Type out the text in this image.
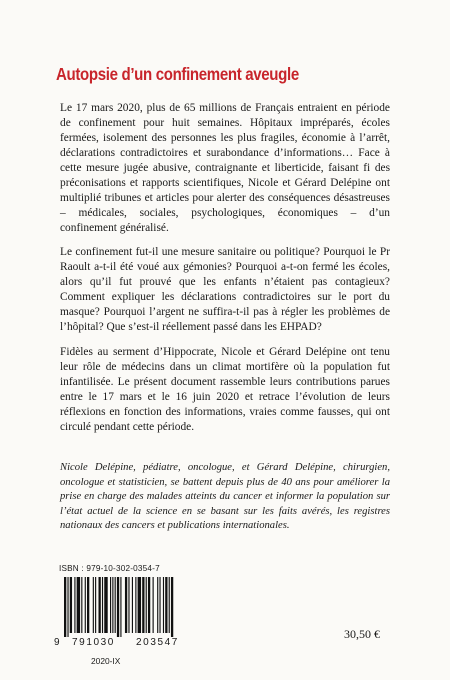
Autopsie d’un confinement aveugle

Le 17 mars 2020, plus de 65 millions de Français entraient en période de confinement pour huit semaines. Hôpitaux impréparés, écoles fermées, isolement des personnes les plus fragiles, économie à l’arrêt, déclarations contradictoires et surabondance d’informations… Face à cette mesure jugée abusive, contraignante et liberticide, faisant fi des préconisations et rapports scientifiques, Nicole et Gérard Delépine ont multiplié tribunes et articles pour alerter des conséquences désastreuses – médicales, sociales, psychologiques, économiques – d’un confinement généralisé.

Le confinement fut-il une mesure sanitaire ou politique? Pourquoi le Pr Raoult a-t-il été voué aux gémonies? Pourquoi a-t-on fermé les écoles, alors qu’il fut prouvé que les enfants n’étaient pas contagieux? Comment expliquer les déclarations contradictoires sur le port du masque? Pourquoi l’argent ne suffira-t-il pas à régler les problèmes de l’hôpital? Que s’est-il réellement passé dans les EHPAD?

Fidèles au serment d’Hippocrate, Nicole et Gérard Delépine ont tenu leur rôle de médecins dans un climat mortifère où la population fut infantilisée. Le présent document rassemble leurs contributions parues entre le 17 mars et le 16 juin 2020 et retrace l’évolution de leurs réflexions en fonction des informations, vraies comme fausses, qui ont circulé pendant cette période.

Nicole Delépine, pédiatre, oncologue, et Gérard Delépine, chirurgien, oncologue et statisticien, se battent depuis plus de 40 ans pour améliorer la prise en charge des malades atteints du cancer et informer la population sur l’état actuel de la science en se basant sur les faits avérés, les registres nationaux des cancers et publications internationales.

ISBN : 979-10-302-0354-7
9 791030 203547
2020-IX
30,50 €
